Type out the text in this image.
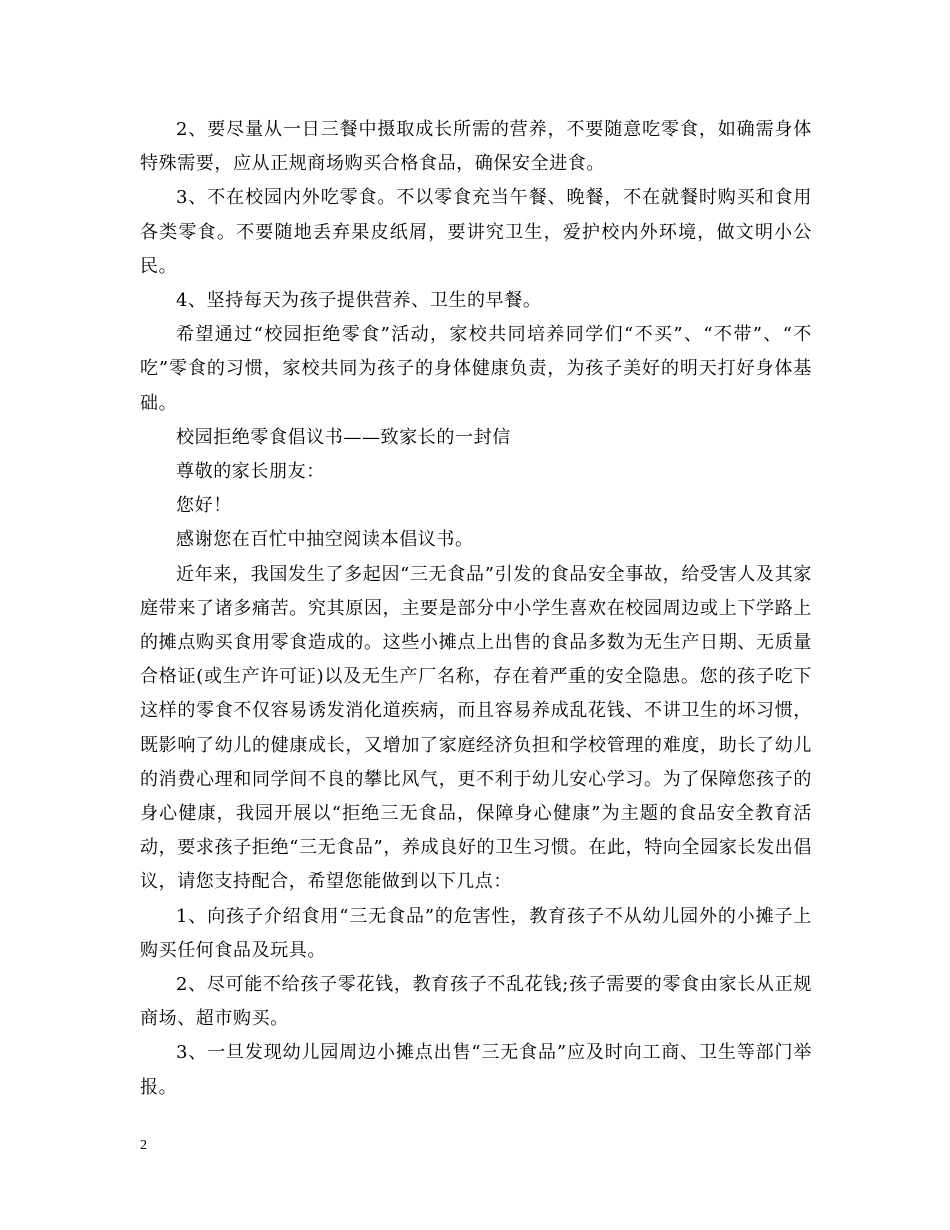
2、要尽量从一日三餐中摄取成长所需的营养，不要随意吃零食，如确需身体特殊需要，应从正规商场购买合格食品，确保安全进食。

3、不在校园内外吃零食。不以零食充当午餐、晚餐，不在就餐时购买和食用各类零食。不要随地丢弃果皮纸屑，要讲究卫生，爱护校内外环境，做文明小公民。

4、坚持每天为孩子提供营养、卫生的早餐。

希望通过“校园拒绝零食”活动，家校共同培养同学们“不买”、“不带”、“不吃”零食的习惯，家校共同为孩子的身体健康负责，为孩子美好的明天打好身体基础。

校园拒绝零食倡议书——致家长的一封信

尊敬的家长朋友：

您好！

感谢您在百忙中抽空阅读本倡议书。

近年来，我国发生了多起因“三无食品”引发的食品安全事故，给受害人及其家庭带来了诸多痛苦。究其原因，主要是部分中小学生喜欢在校园周边或上下学路上的摊点购买食用零食造成的。这些小摊点上出售的食品多数为无生产日期、无质量合格证(或生产许可证)以及无生产厂名称，存在着严重的安全隐患。您的孩子吃下这样的零食不仅容易诱发消化道疾病，而且容易养成乱花钱、不讲卫生的坏习惯，既影响了幼儿的健康成长，又增加了家庭经济负担和学校管理的难度，助长了幼儿的消费心理和同学间不良的攀比风气，更不利于幼儿安心学习。为了保障您孩子的身心健康，我园开展以“拒绝三无食品，保障身心健康”为主题的食品安全教育活动，要求孩子拒绝“三无食品”，养成良好的卫生习惯。在此，特向全园家长发出倡议，请您支持配合，希望您能做到以下几点：

1、向孩子介绍食用“三无食品”的危害性，教育孩子不从幼儿园外的小摊子上购买任何食品及玩具。

2、尽可能不给孩子零花钱，教育孩子不乱花钱;孩子需要的零食由家长从正规商场、超市购买。

3、一旦发现幼儿园周边小摊点出售“三无食品”应及时向工商、卫生等部门举报。

2
